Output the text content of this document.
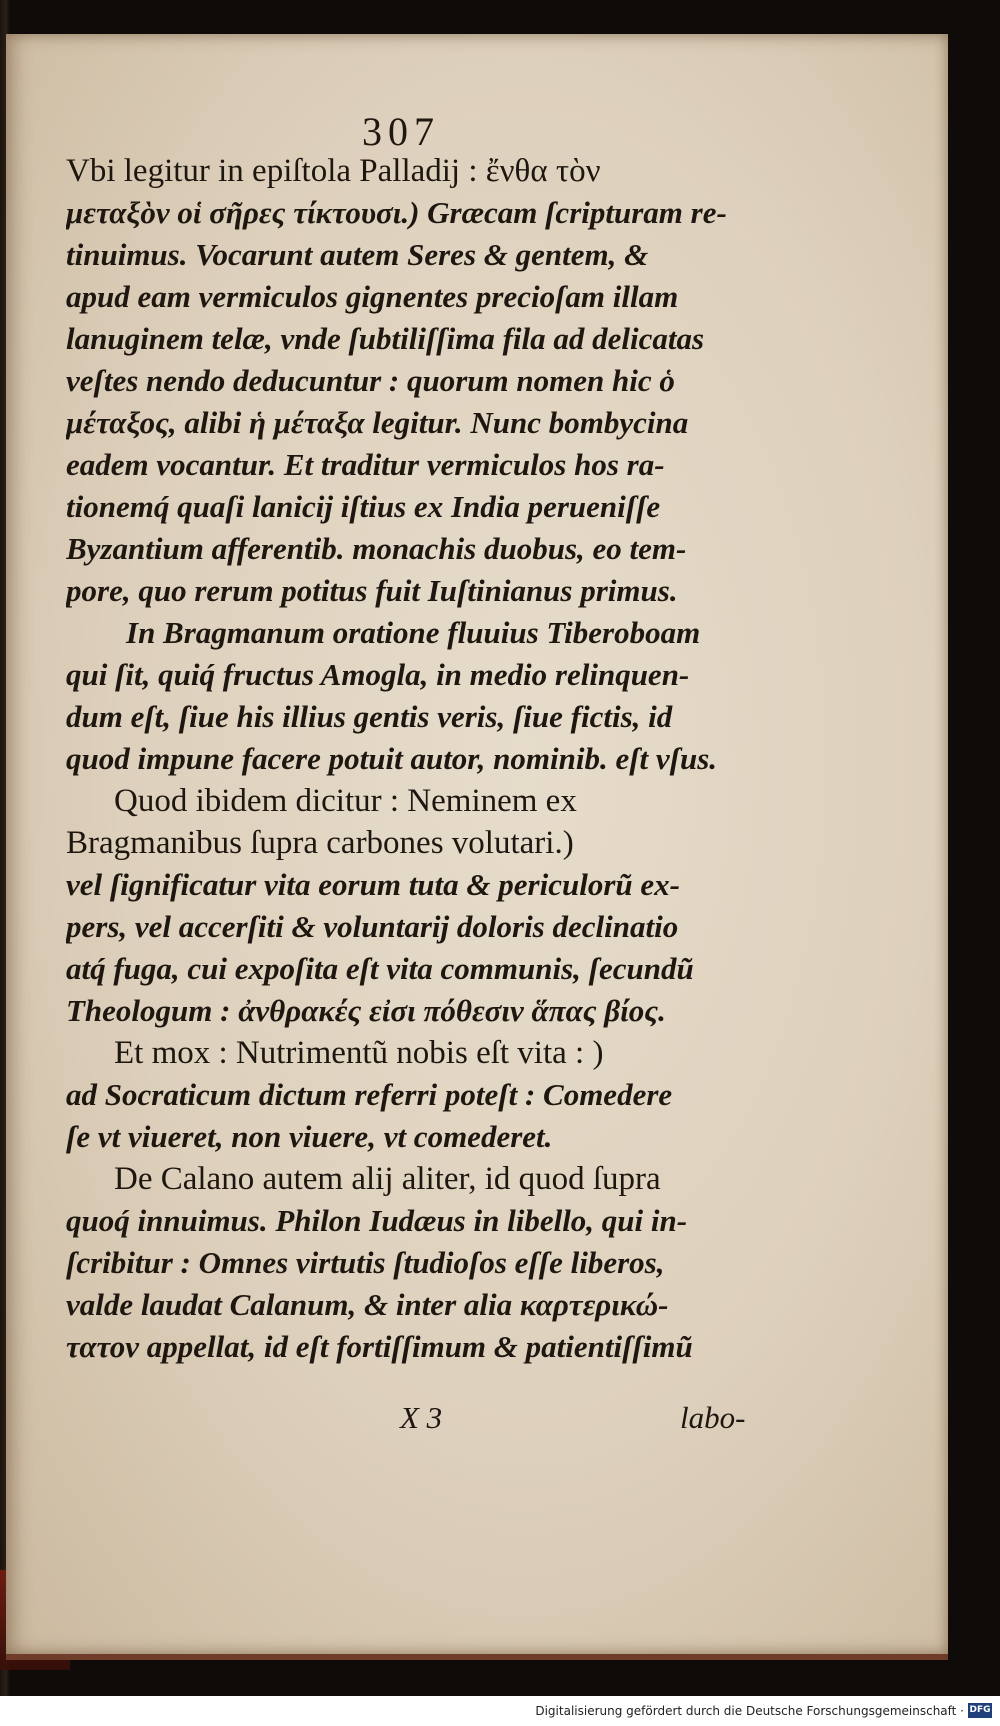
307
Vbi legitur in epiſtola Palladij : ἔνθα τὸν
μεταξὸν οἱ σῆρες τίκτουσι.) Græcam ſcripturam re-
tinuimus. Vocarunt autem Seres & gentem, &
apud eam vermiculos gignentes precioſam illam
lanuginem telæ, vnde ſubtiliſſima fila ad delicatas
veſtes nendo deducuntur : quorum nomen hic ὁ
μέταξος, alibi ἡ μέταξα legitur. Nunc bombycina
eadem vocantur. Et traditur vermiculos hos ra-
tionemq́ quaſi lanicij iſtius ex India perueniſſe
Byzantium afferentib. monachis duobus, eo tem-
pore, quo rerum potitus fuit Iuſtinianus primus.
In Bragmanum oratione fluuius Tiberoboam
qui ſit, quiq́ fructus Amogla, in medio relinquen-
dum eſt, ſiue his illius gentis veris, ſiue fictis, id
quod impune facere potuit autor, nominib. eſt vſus.
Quod ibidem dicitur : Neminem ex
Bragmanibus ſupra carbones volutari.)
vel ſignificatur vita eorum tuta & periculorũ ex-
pers, vel accerſiti & voluntarij doloris declinatio
atq́ fuga, cui expoſita eſt vita communis, ſecundũ
Theologum : ἀνθρακές εἰσι πόθεσιν ἅπας βίος.
Et mox : Nutrimentũ nobis eſt vita : )
ad Socraticum dictum referri poteſt : Comedere
ſe vt viueret, non viuere, vt comederet.
De Calano autem alij aliter, id quod ſupra
quoq́ innuimus. Philon Iudæus in libello, qui in-
ſcribitur : Omnes virtutis ſtudioſos eſſe liberos,
valde laudat Calanum, & inter alia καρτερικώ-
τατον appellat, id eſt fortiſſimum & patientiſſimũ
X 3	labo-
Digitalisierung gefördert durch die Deutsche Forschungsgemeinschaft · DFG
